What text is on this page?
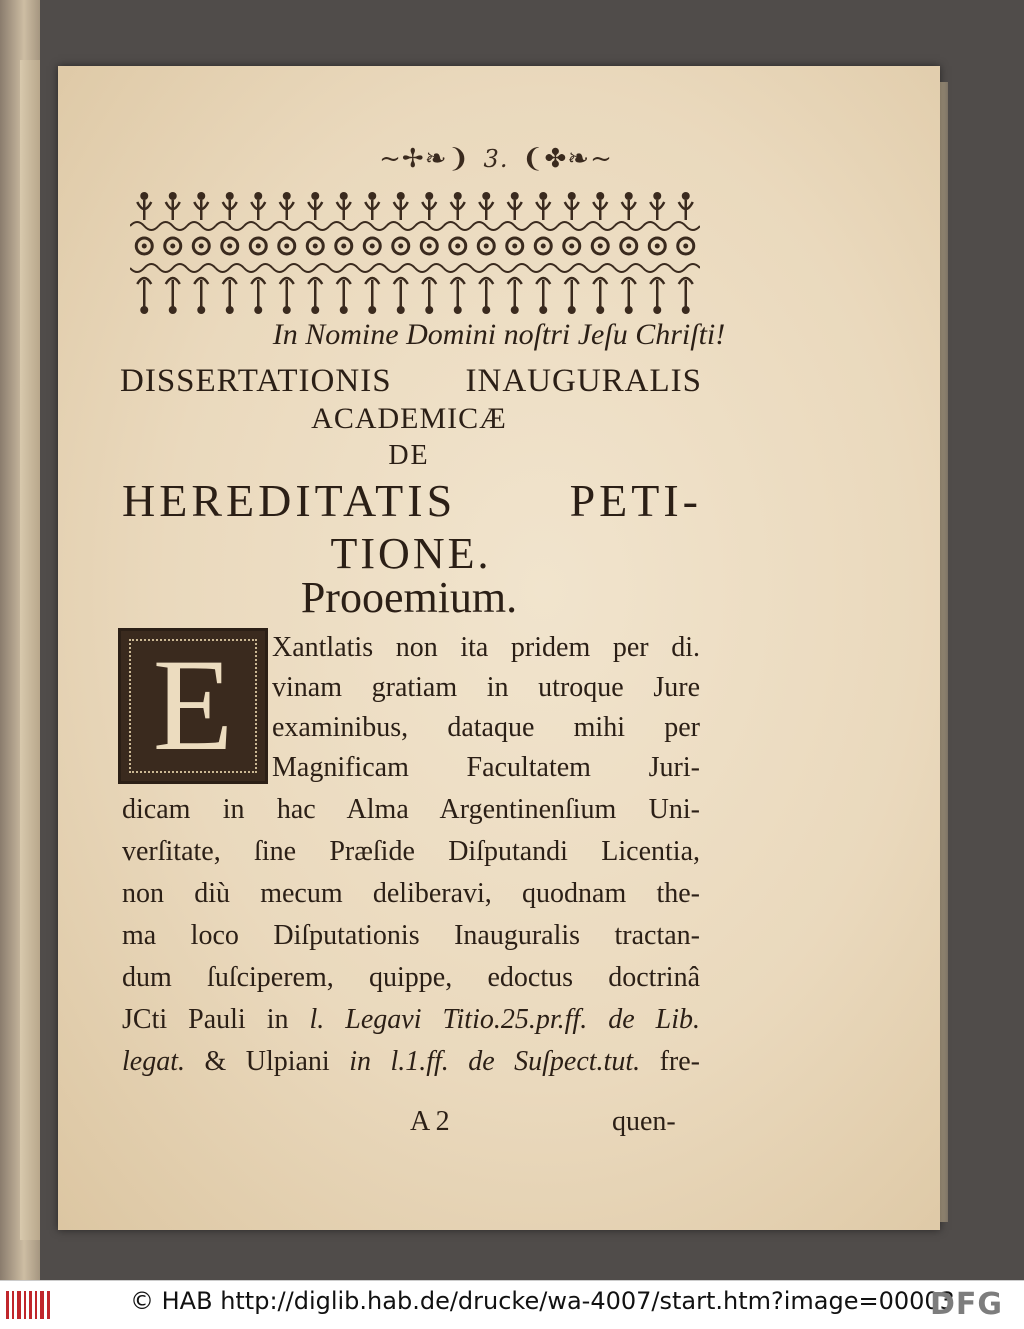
~✢❧❩ 3. ❨✤❧~
In Nomine Domini noſtri Jeſu Chriſti!
DISSERTATIONIS INAUGURALIS
ACADEMICÆ
DE
HEREDITATIS PETI-
TIONE.
Prooemium.
E	Xantlatis non ita pridem per di.
vinam gratiam in utroque Jure
examinibus, dataque mihi per
Magnificam Facultatem Juri-
dicam in hac Alma Argentinenſium Uni-
verſitate, ſine Præſide Diſputandi Licentia,
non diù mecum deliberavi, quodnam the-
ma loco Diſputationis Inauguralis tractan-
dum ſuſciperem, quippe, edoctus doctrinâ
JCti Pauli in l. Legavi Titio.25.pr.ff. de Lib.
legat. & Ulpiani in l.1.ff. de Suſpect.tut. fre-
A 2	quen-
© HAB http://diglib.hab.de/drucke/wa-4007/start.htm?image=00003
DFG
